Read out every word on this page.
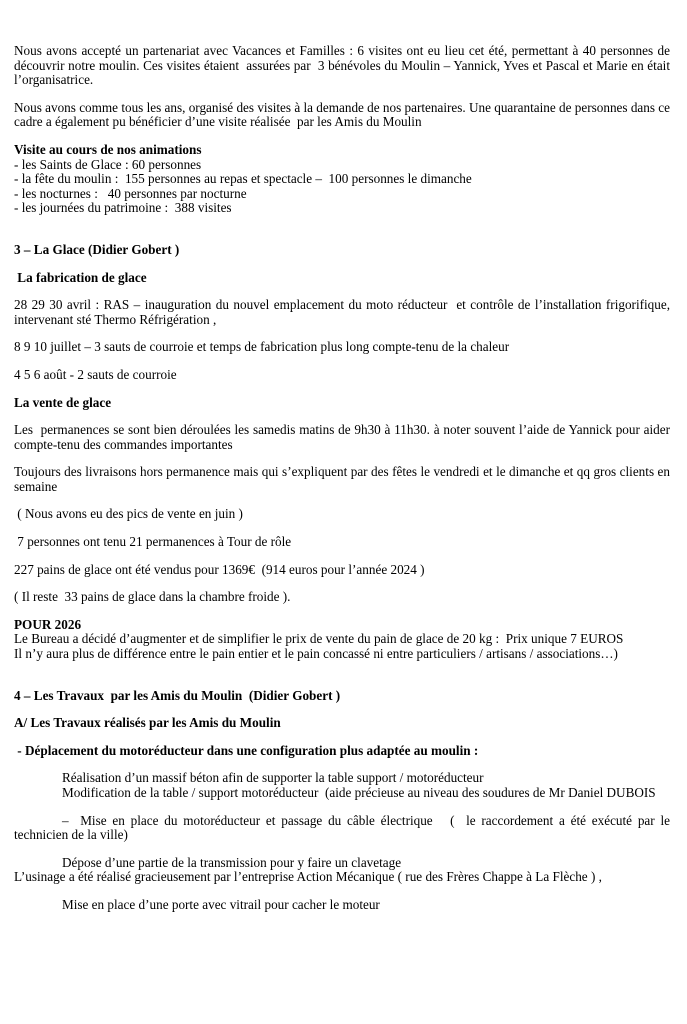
Nous avons accepté un partenariat avec Vacances et Familles : 6 visites ont eu lieu cet été, permettant à 40 personnes de découvrir notre moulin. Ces visites étaient  assurées par  3 bénévoles du Moulin – Yannick, Yves et Pascal et Marie en était l’organisatrice.
Nous avons comme tous les ans, organisé des visites à la demande de nos partenaires. Une quarantaine de personnes dans ce cadre a également pu bénéficier d’une visite réalisée  par les Amis du Moulin
Visite au cours de nos animations
- les Saints de Glace : 60 personnes
- la fête du moulin :  155 personnes au repas et spectacle –  100 personnes le dimanche
- les nocturnes :   40 personnes par nocturne
- les journées du patrimoine :  388 visites
3 – La Glace (Didier Gobert )
La fabrication de glace
28 29 30 avril : RAS – inauguration du nouvel emplacement du moto réducteur  et contrôle de l’installation frigorifique, intervenant sté Thermo Réfrigération ,
8 9 10 juillet – 3 sauts de courroie et temps de fabrication plus long compte-tenu de la chaleur
4 5 6 août - 2 sauts de courroie
La vente de glace
Les  permanences se sont bien déroulées les samedis matins de 9h30 à 11h30. à noter souvent l’aide de Yannick pour aider compte-tenu des commandes importantes
Toujours des livraisons hors permanence mais qui s’expliquent par des fêtes le vendredi et le dimanche et qq gros clients en semaine
( Nous avons eu des pics de vente en juin )
7 personnes ont tenu 21 permanences à Tour de rôle
227 pains de glace ont été vendus pour 1369€  (914 euros pour l’année 2024 )
( Il reste  33 pains de glace dans la chambre froide ).
POUR 2026
Le Bureau a décidé d’augmenter et de simplifier le prix de vente du pain de glace de 20 kg :  Prix unique 7 EUROS
Il n’y aura plus de différence entre le pain entier et le pain concassé ni entre particuliers / artisans / associations…)
4 – Les Travaux  par les Amis du Moulin  (Didier Gobert )
A/ Les Travaux réalisés par les Amis du Moulin
- Déplacement du motoréducteur dans une configuration plus adaptée au moulin :
Réalisation d’un massif béton afin de supporter la table support / motoréducteur
Modification de la table / support motoréducteur  (aide précieuse au niveau des soudures de Mr Daniel DUBOIS
–  Mise en place du motoréducteur et passage du câble électrique   (  le raccordement a été exécuté par le technicien de la ville)
Dépose d’une partie de la transmission pour y faire un clavetage
L’usinage a été réalisé gracieusement par l’entreprise Action Mécanique ( rue des Frères Chappe à La Flèche ) ,
Mise en place d’une porte avec vitrail pour cacher le moteur
